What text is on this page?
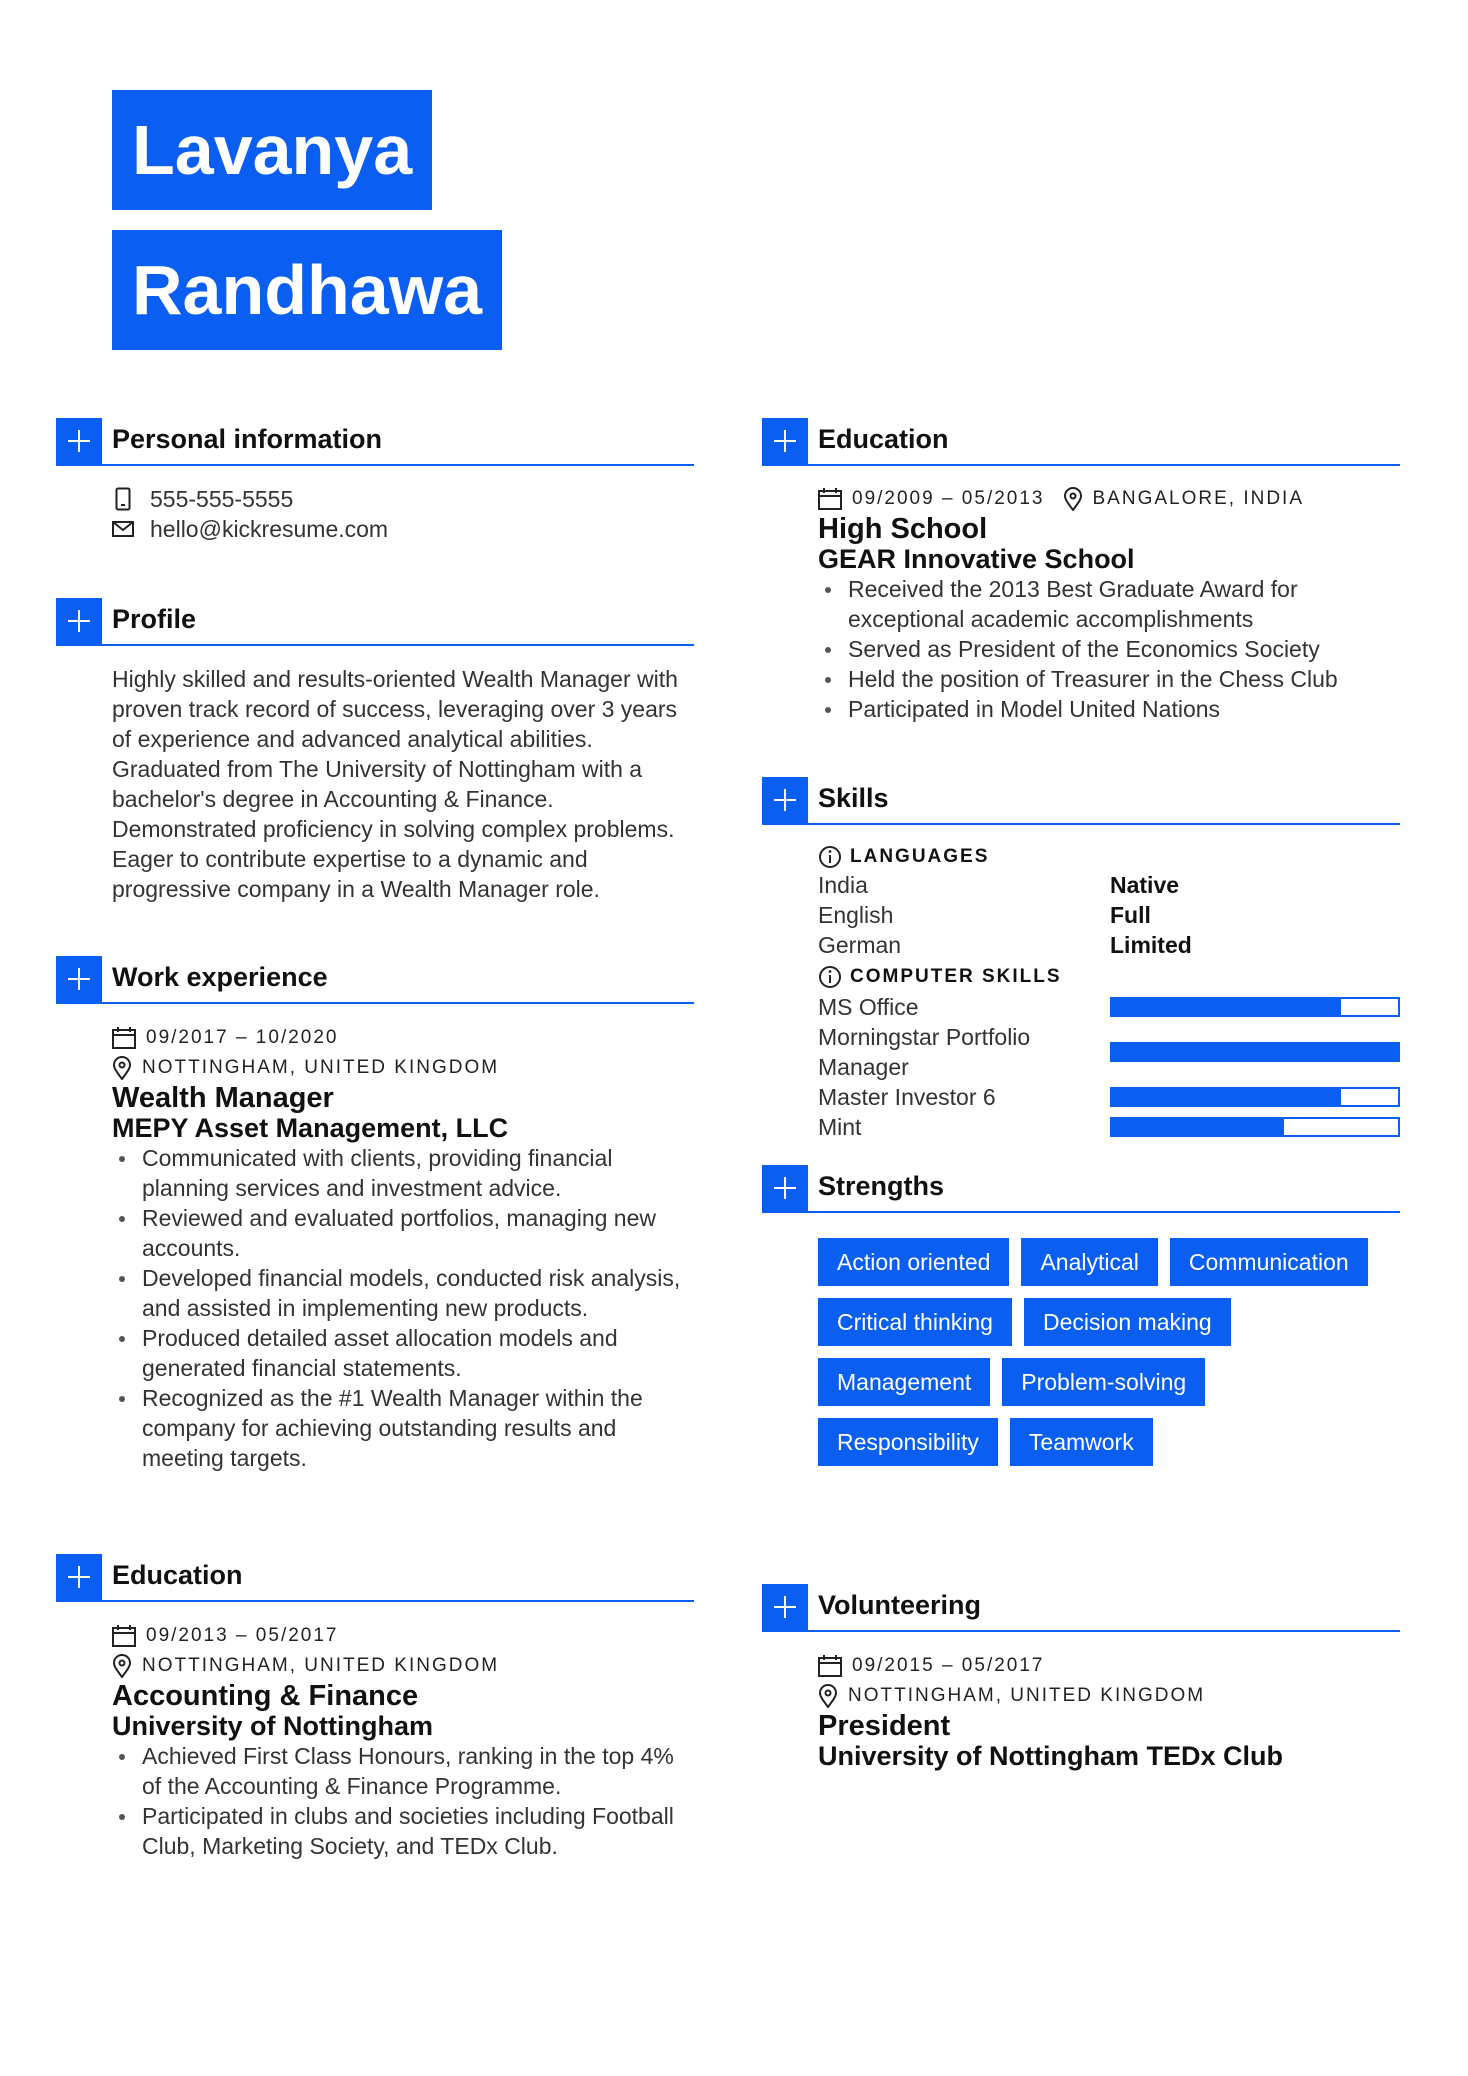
Lavanya
Randhawa
Personal information
555-555-5555
hello@kickresume.com
Profile
Highly skilled and results-oriented Wealth Manager with proven track record of success, leveraging over 3 years of experience and advanced analytical abilities. Graduated from The University of Nottingham with a bachelor's degree in Accounting & Finance. Demonstrated proficiency in solving complex problems. Eager to contribute expertise to a dynamic and progressive company in a Wealth Manager role.
Work experience
09/2017 – 10/2020
NOTTINGHAM, UNITED KINGDOM
Wealth Manager
MEPY Asset Management, LLC
Communicated with clients, providing financial planning services and investment advice.
Reviewed and evaluated portfolios, managing new accounts.
Developed financial models, conducted risk analysis, and assisted in implementing new products.
Produced detailed asset allocation models and generated financial statements.
Recognized as the #1 Wealth Manager within the company for achieving outstanding results and meeting targets.
Education
09/2013 – 05/2017
NOTTINGHAM, UNITED KINGDOM
Accounting & Finance
University of Nottingham
Achieved First Class Honours, ranking in the top 4% of the Accounting & Finance Programme.
Participated in clubs and societies including Football Club, Marketing Society, and TEDx Club.
Education
09/2009 – 05/2013	BANGALORE, INDIA
High School
GEAR Innovative School
Received the 2013 Best Graduate Award for exceptional academic accomplishments
Served as President of the Economics Society
Held the position of Treasurer in the Chess Club
Participated in Model United Nations
Skills
LANGUAGES
India	Native
English	Full
German	Limited
COMPUTER SKILLS
MS Office
Morningstar Portfolio Manager
Master Investor 6
Mint
Strengths
Action oriented	Analytical	Communication
Critical thinking	Decision making
Management	Problem-solving
Responsibility	Teamwork
Volunteering
09/2015 – 05/2017
NOTTINGHAM, UNITED KINGDOM
President
University of Nottingham TEDx Club
